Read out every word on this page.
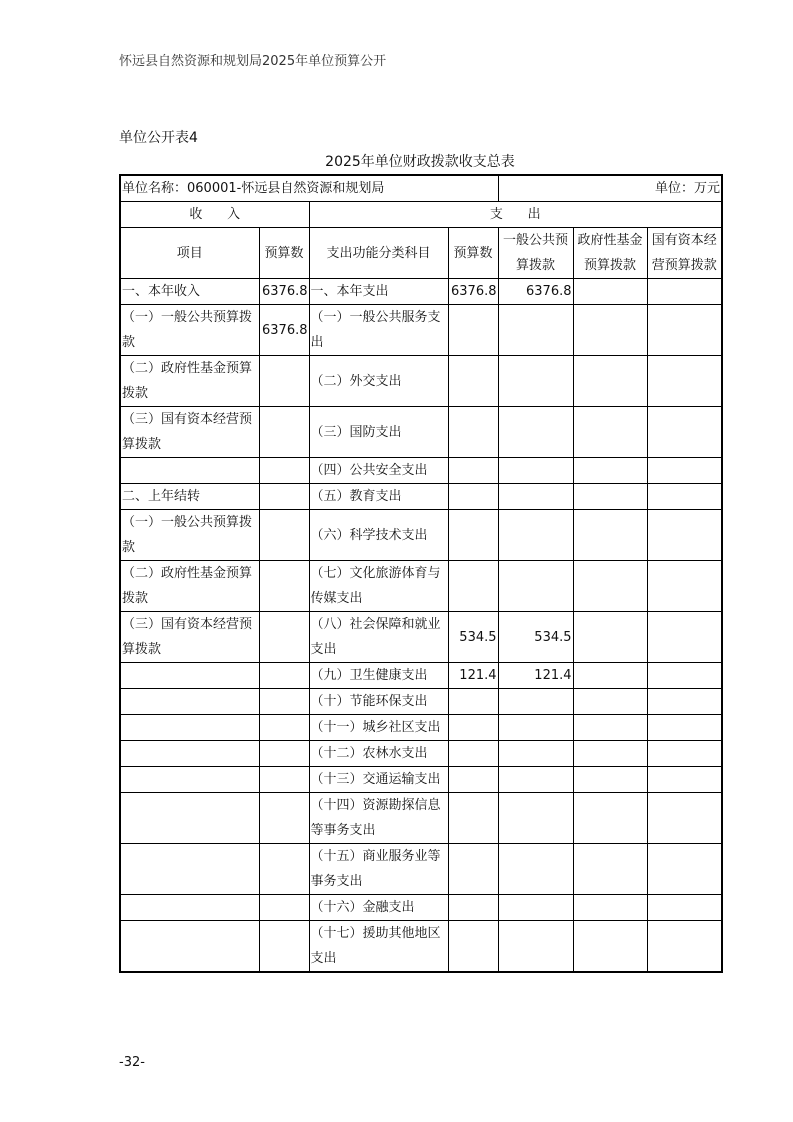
怀远县自然资源和规划局2025年单位预算公开
单位公开表4
2025年单位财政拨款收支总表
单位名称：060001-怀远县自然资源和规划局				单位：万元		
收      入		支      出				
项目	预算数	支出功能分类科目	预算数	一般公共预算拨款	政府性基金预算拨款	国有资本经营预算拨款
一、本年收入	6376.8	一、本年支出	6376.8	6376.8		
（一）一般公共预算拨款	6376.8	（一）一般公共服务支出				
（二）政府性基金预算拨款		（二）外交支出				
（三）国有资本经营预算拨款		（三）国防支出				
		（四）公共安全支出				
二、上年结转		（五）教育支出				
（一）一般公共预算拨款		（六）科学技术支出				
（二）政府性基金预算拨款		（七）文化旅游体育与传媒支出				
（三）国有资本经营预算拨款		（八）社会保障和就业支出	534.5	534.5		
		（九）卫生健康支出	121.4	121.4		
		（十）节能环保支出				
		（十一）城乡社区支出				
		（十二）农林水支出				
		（十三）交通运输支出				
		（十四）资源勘探信息等事务支出				
		（十五）商业服务业等事务支出				
		（十六）金融支出				
		（十七）援助其他地区支出				
-32-
